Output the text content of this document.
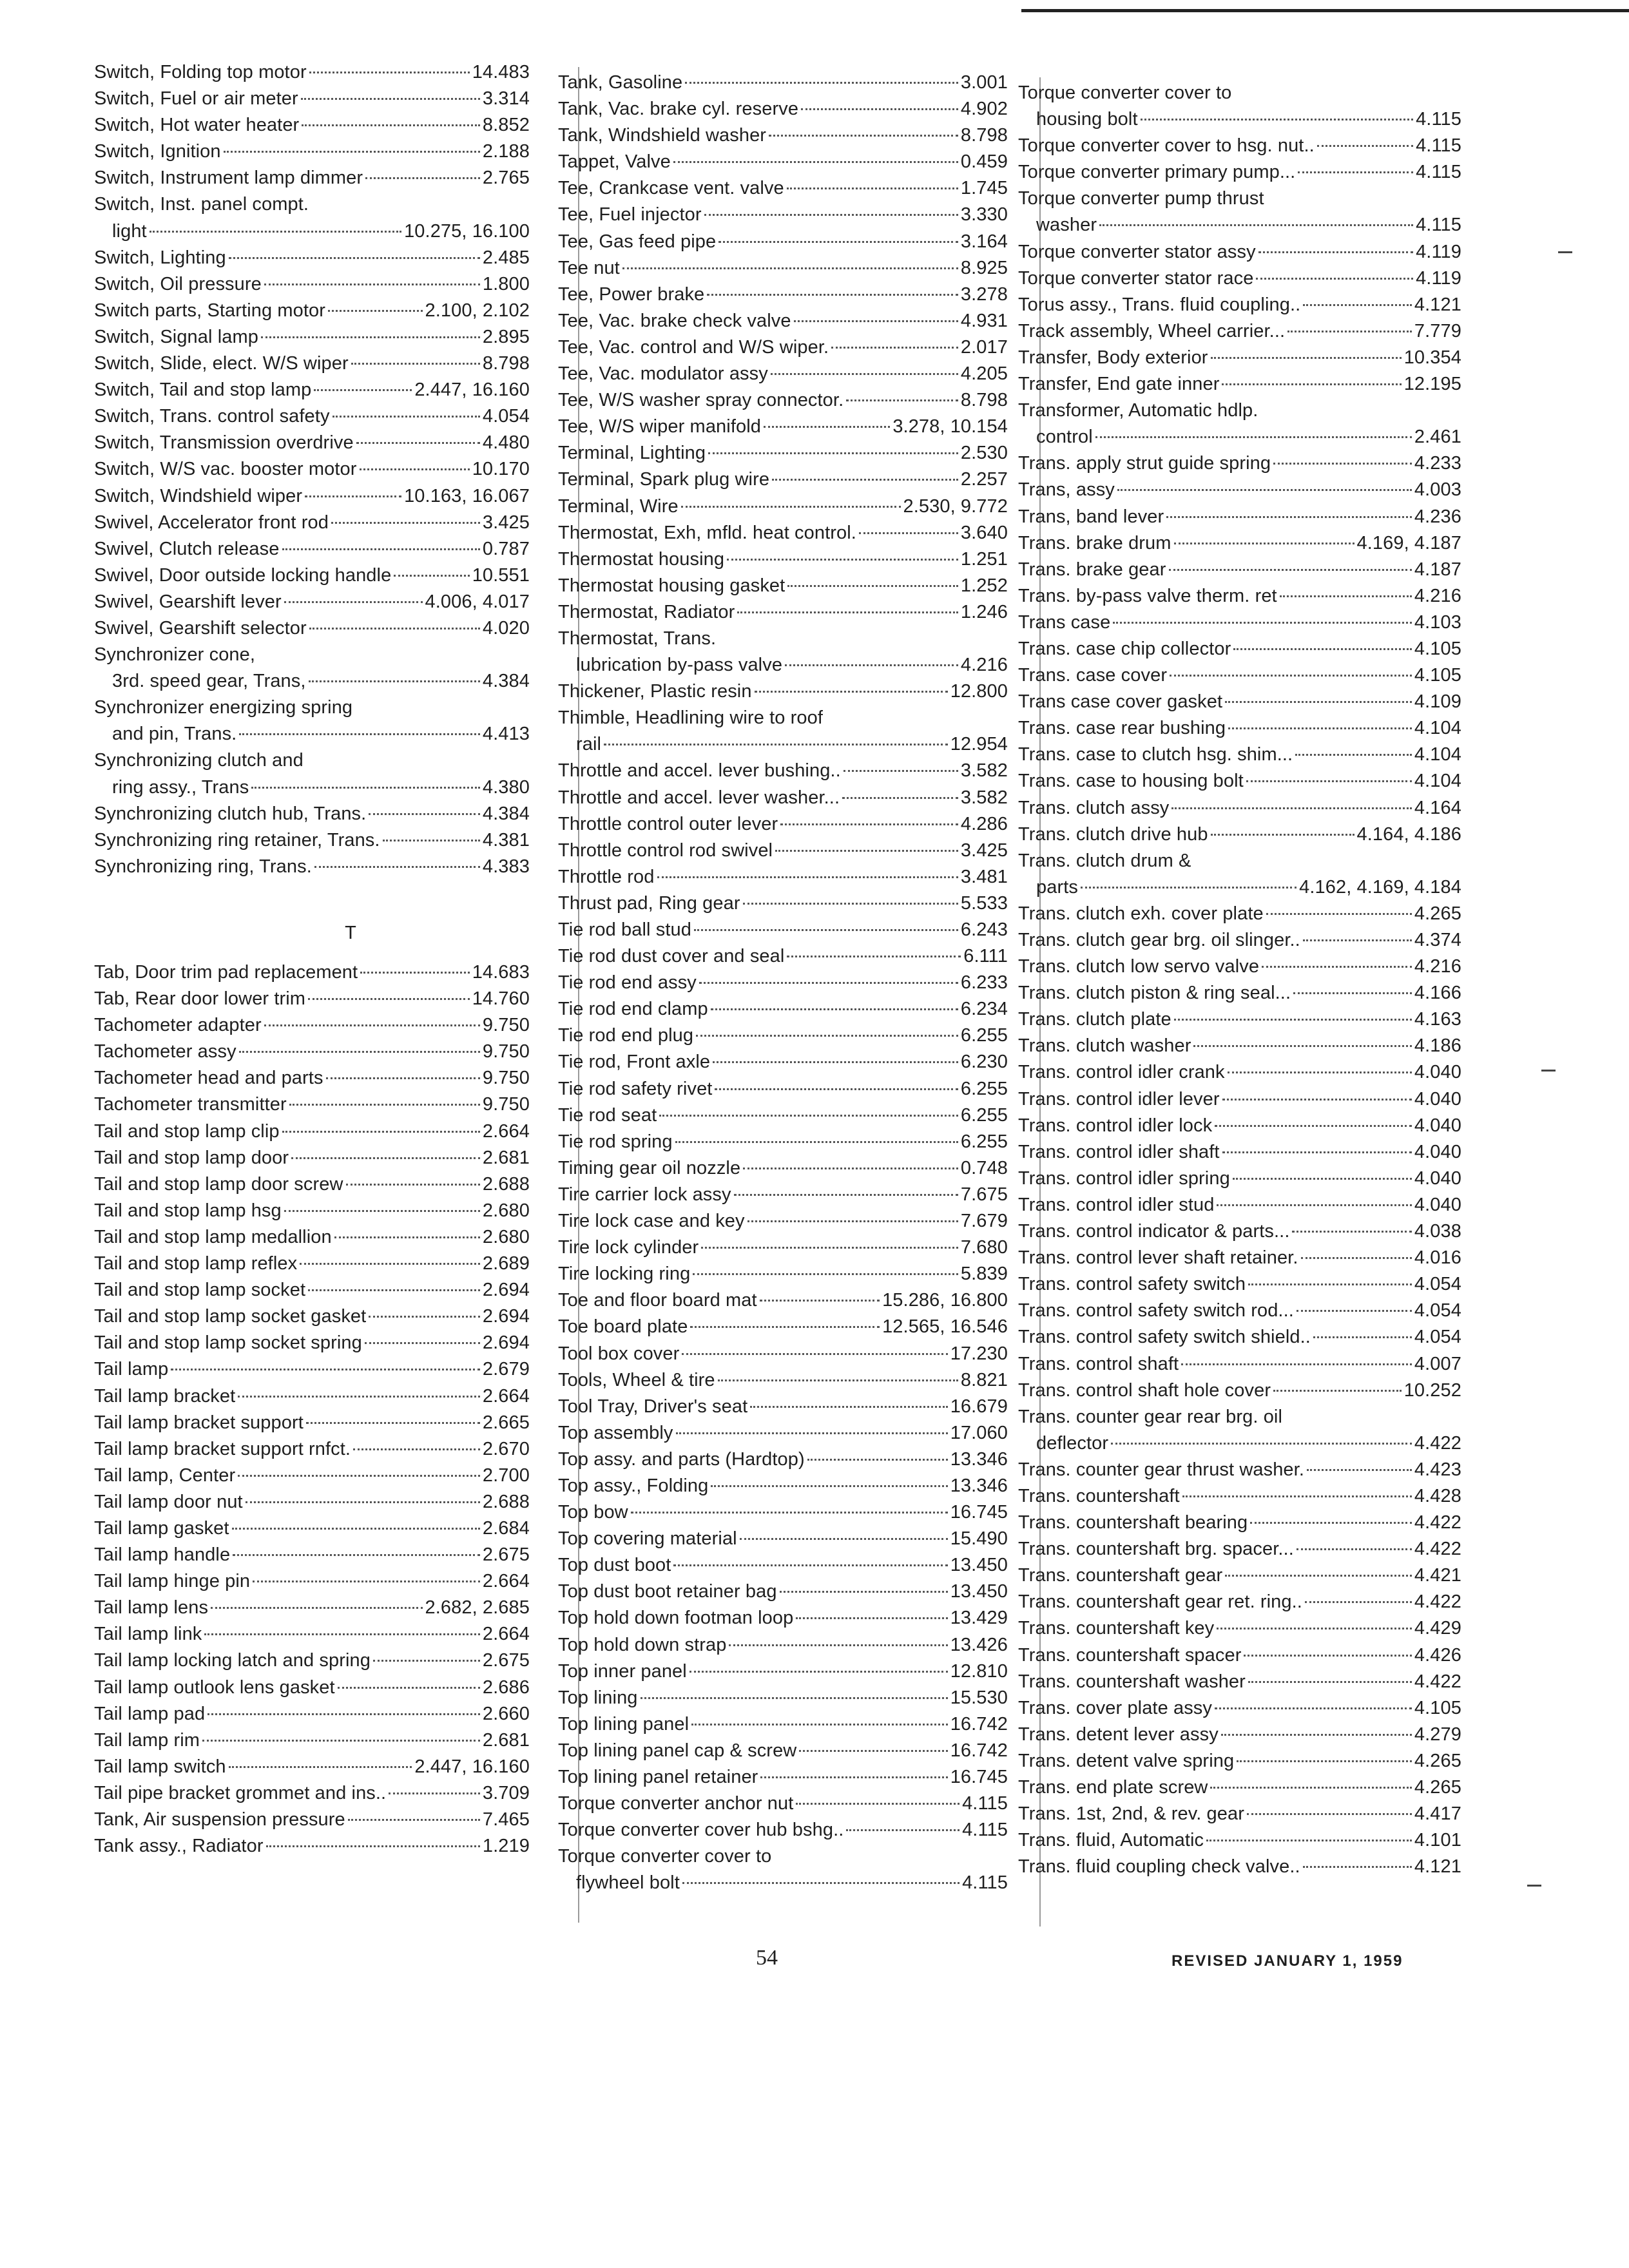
Switch, Folding top motor	14.483
Switch, Fuel or air meter	3.314
Switch, Hot water heater	8.852
Switch, Ignition	2.188
Switch, Instrument lamp dimmer	2.765
Switch, Inst. panel compt.
light	10.275, 16.100
Switch, Lighting	2.485
Switch, Oil pressure	1.800
Switch parts, Starting motor	2.100, 2.102
Switch, Signal lamp	2.895
Switch, Slide, elect. W/S wiper	8.798
Switch, Tail and stop lamp	2.447, 16.160
Switch, Trans. control safety	4.054
Switch, Transmission overdrive	4.480
Switch, W/S vac. booster motor	10.170
Switch, Windshield wiper	10.163, 16.067
Swivel, Accelerator front rod	3.425
Swivel, Clutch release	0.787
Swivel, Door outside locking handle	10.551
Swivel, Gearshift lever	4.006, 4.017
Swivel, Gearshift selector	4.020
Synchronizer cone,
3rd. speed gear, Trans,	4.384
Synchronizer energizing spring
and pin, Trans.	4.413
Synchronizing clutch and
ring assy., Trans	4.380
Synchronizing clutch hub, Trans.	4.384
Synchronizing ring retainer, Trans.	4.381
Synchronizing ring, Trans.	4.383
T
Tab, Door trim pad replacement	14.683
Tab, Rear door lower trim	14.760
Tachometer adapter	9.750
Tachometer assy	9.750
Tachometer head and parts	9.750
Tachometer transmitter	9.750
Tail and stop lamp clip	2.664
Tail and stop lamp door	2.681
Tail and stop lamp door screw	2.688
Tail and stop lamp hsg	2.680
Tail and stop lamp medallion	2.680
Tail and stop lamp reflex	2.689
Tail and stop lamp socket	2.694
Tail and stop lamp socket gasket	2.694
Tail and stop lamp socket spring	2.694
Tail lamp	2.679
Tail lamp bracket	2.664
Tail lamp bracket support	2.665
Tail lamp bracket support rnfct.	2.670
Tail lamp, Center	2.700
Tail lamp door nut	2.688
Tail lamp gasket	2.684
Tail lamp handle	2.675
Tail lamp hinge pin	2.664
Tail lamp lens	2.682, 2.685
Tail lamp link	2.664
Tail lamp locking latch and spring	2.675
Tail lamp outlook lens gasket	2.686
Tail lamp pad	2.660
Tail lamp rim	2.681
Tail lamp switch	2.447, 16.160
Tail pipe bracket grommet and ins..	3.709
Tank, Air suspension pressure	7.465
Tank assy., Radiator	1.219
Tank, Gasoline	3.001
Tank, Vac. brake cyl. reserve	4.902
Tank, Windshield washer	8.798
Tappet, Valve	0.459
Tee, Crankcase vent. valve	1.745
Tee, Fuel injector	3.330
Tee, Gas feed pipe	3.164
Tee nut	8.925
Tee, Power brake	3.278
Tee, Vac. brake check valve	4.931
Tee, Vac. control and W/S wiper.	2.017
Tee, Vac. modulator assy	4.205
Tee, W/S washer spray connector.	8.798
Tee, W/S wiper manifold	3.278, 10.154
Terminal, Lighting	2.530
Terminal, Spark plug wire	2.257
Terminal, Wire	2.530, 9.772
Thermostat, Exh, mfld. heat control.	3.640
Thermostat housing	1.251
Thermostat housing gasket	1.252
Thermostat, Radiator	1.246
Thermostat, Trans.
lubrication by-pass valve	4.216
Thickener, Plastic resin	12.800
Thimble, Headlining wire to roof
rail	12.954
Throttle and accel. lever bushing..	3.582
Throttle and accel. lever washer...	3.582
Throttle control outer lever	4.286
Throttle control rod swivel	3.425
Throttle rod	3.481
Thrust pad, Ring gear	5.533
Tie rod ball stud	6.243
Tie rod dust cover and seal	6.111
Tie rod end assy	6.233
Tie rod end clamp	6.234
Tie rod end plug	6.255
Tie rod, Front axle	6.230
Tie rod safety rivet	6.255
Tie rod seat	6.255
Tie rod spring	6.255
Timing gear oil nozzle	0.748
Tire carrier lock assy	7.675
Tire lock case and key	7.679
Tire lock cylinder	7.680
Tire locking ring	5.839
Toe and floor board mat	15.286, 16.800
Toe board plate	12.565, 16.546
Tool box cover	17.230
Tools, Wheel & tire	8.821
Tool Tray, Driver's seat	16.679
Top assembly	17.060
Top assy. and parts (Hardtop)	13.346
Top assy., Folding	13.346
Top bow	16.745
Top covering material	15.490
Top dust boot	13.450
Top dust boot retainer bag	13.450
Top hold down footman loop	13.429
Top hold down strap	13.426
Top inner panel	12.810
Top lining	15.530
Top lining panel	16.742
Top lining panel cap & screw	16.742
Top lining panel retainer	16.745
Torque converter anchor nut	4.115
Torque converter cover hub bshg..	4.115
Torque converter cover to
flywheel bolt	4.115
Torque converter cover to
housing bolt	4.115
Torque converter cover to hsg. nut..	4.115
Torque converter primary pump...	4.115
Torque converter pump thrust
washer	4.115
Torque converter stator assy	4.119
Torque converter stator race	4.119
Torus assy., Trans. fluid coupling..	4.121
Track assembly, Wheel carrier...	7.779
Transfer, Body exterior	10.354
Transfer, End gate inner	12.195
Transformer, Automatic hdlp.
control	2.461
Trans. apply strut guide spring	4.233
Trans, assy	4.003
Trans, band lever	4.236
Trans. brake drum	4.169, 4.187
Trans. brake gear	4.187
Trans. by-pass valve therm. ret	4.216
Trans case	4.103
Trans. case chip collector	4.105
Trans. case cover	4.105
Trans case cover gasket	4.109
Trans. case rear bushing	4.104
Trans. case to clutch hsg. shim...	4.104
Trans. case to housing bolt	4.104
Trans. clutch assy	4.164
Trans. clutch drive hub	4.164, 4.186
Trans. clutch drum &
parts	4.162, 4.169, 4.184
Trans. clutch exh. cover plate	4.265
Trans. clutch gear brg. oil slinger..	4.374
Trans. clutch low servo valve	4.216
Trans. clutch piston & ring seal...	4.166
Trans. clutch plate	4.163
Trans. clutch washer	4.186
Trans. control idler crank	4.040
Trans. control idler lever	4.040
Trans. control idler lock	4.040
Trans. control idler shaft	4.040
Trans. control idler spring	4.040
Trans. control idler stud	4.040
Trans. control indicator & parts...	4.038
Trans. control lever shaft retainer.	4.016
Trans. control safety switch	4.054
Trans. control safety switch rod...	4.054
Trans. control safety switch shield..	4.054
Trans. control shaft	4.007
Trans. control shaft hole cover	10.252
Trans. counter gear rear brg. oil
deflector	4.422
Trans. counter gear thrust washer.	4.423
Trans. countershaft	4.428
Trans. countershaft bearing	4.422
Trans. countershaft brg. spacer...	4.422
Trans. countershaft gear	4.421
Trans. countershaft gear ret. ring..	4.422
Trans. countershaft key	4.429
Trans. countershaft spacer	4.426
Trans. countershaft washer	4.422
Trans. cover plate assy	4.105
Trans. detent lever assy	4.279
Trans. detent valve spring	4.265
Trans. end plate screw	4.265
Trans. 1st, 2nd, & rev. gear	4.417
Trans. fluid, Automatic	4.101
Trans. fluid coupling check valve..	4.121
54	REVISED JANUARY 1, 1959
